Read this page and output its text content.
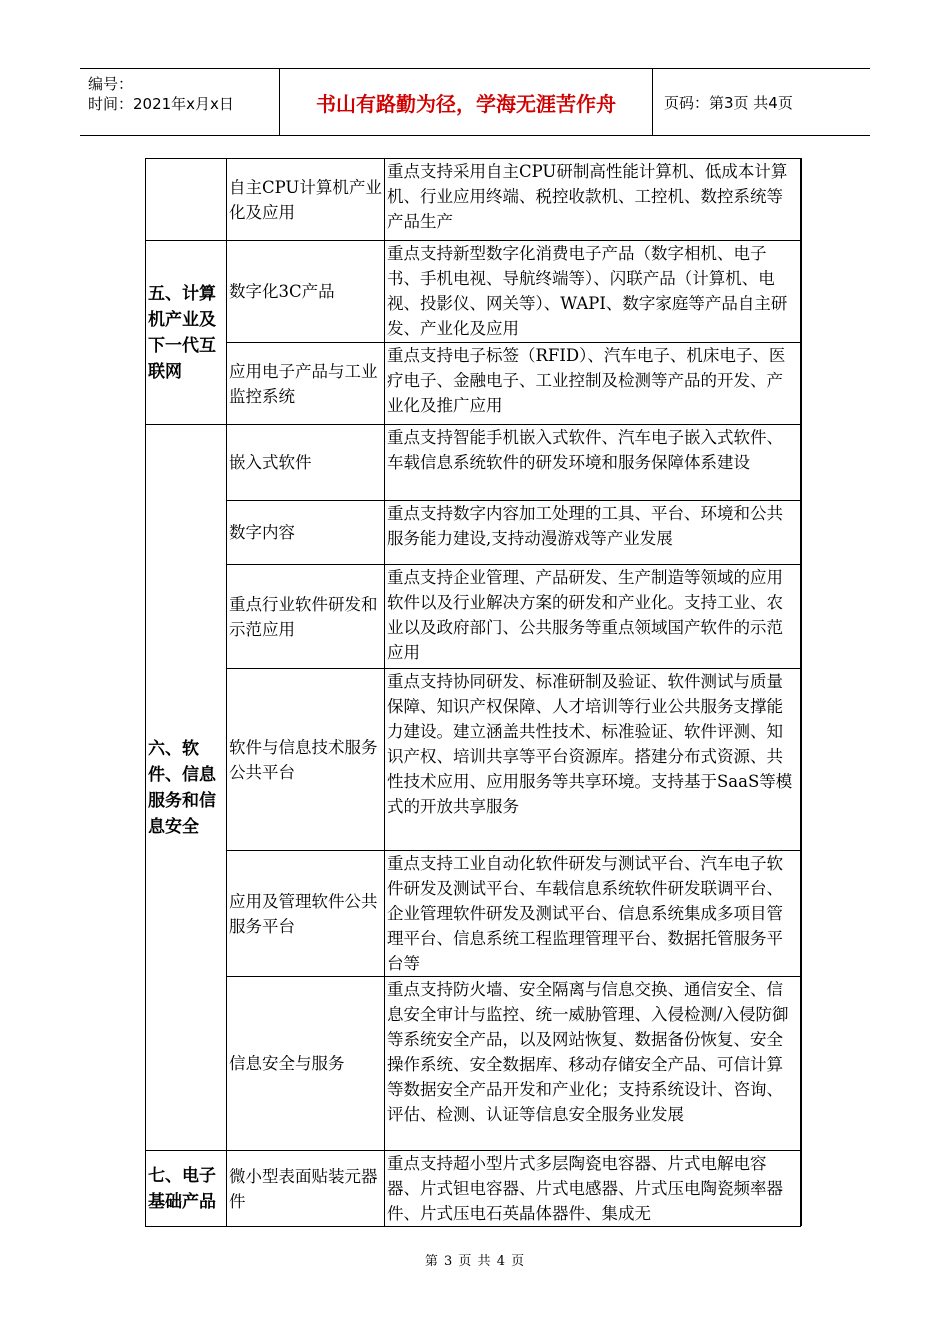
编号：
时间：2021年x月x日	书山有路勤为径，学海无涯苦作舟	页码：第3页 共4页
	自主CPU计算机产业化及应用	重点支持采用自主CPU研制高性能计算机、低成本计算机、行业应用终端、税控收款机、工控机、数控系统等产品生产
五、计算机产业及下一代互联网	数字化3C产品	重点支持新型数字化消费电子产品（数字相机、电子书、手机电视、导航终端等）、闪联产品（计算机、电视、投影仪、网关等）、WAPI、数字家庭等产品自主研发、产业化及应用
	应用电子产品与工业监控系统	重点支持电子标签（RFID）、汽车电子、机床电子、医疗电子、金融电子、工业控制及检测等产品的开发、产业化及推广应用
六、软件、信息服务和信息安全	嵌入式软件	重点支持智能手机嵌入式软件、汽车电子嵌入式软件、车载信息系统软件的研发环境和服务保障体系建设
	数字内容	重点支持数字内容加工处理的工具、平台、环境和公共服务能力建设,支持动漫游戏等产业发展
	重点行业软件研发和示范应用	重点支持企业管理、产品研发、生产制造等领域的应用软件以及行业解决方案的研发和产业化。支持工业、农业以及政府部门、公共服务等重点领域国产软件的示范应用
	软件与信息技术服务公共平台	重点支持协同研发、标准研制及验证、软件测试与质量保障、知识产权保障、人才培训等行业公共服务支撑能力建设。建立涵盖共性技术、标准验证、软件评测、知识产权、培训共享等平台资源库。搭建分布式资源、共性技术应用、应用服务等共享环境。支持基于SaaS等模式的开放共享服务
	应用及管理软件公共服务平台	重点支持工业自动化软件研发与测试平台、汽车电子软件研发及测试平台、车载信息系统软件研发联调平台、企业管理软件研发及测试平台、信息系统集成多项目管理平台、信息系统工程监理管理平台、数据托管服务平台等
	信息安全与服务	重点支持防火墙、安全隔离与信息交换、通信安全、信息安全审计与监控、统一威胁管理、入侵检测/入侵防御等系统安全产品，以及网站恢复、数据备份恢复、安全操作系统、安全数据库、移动存储安全产品、可信计算等数据安全产品开发和产业化；支持系统设计、咨询、评估、检测、认证等信息安全服务业发展
七、电子基础产品	微小型表面贴装元器件	重点支持超小型片式多层陶瓷电容器、片式电解电容器、片式钽电容器、片式电感器、片式压电陶瓷频率器件、片式压电石英晶体器件、集成无
第 3 页 共 4 页
